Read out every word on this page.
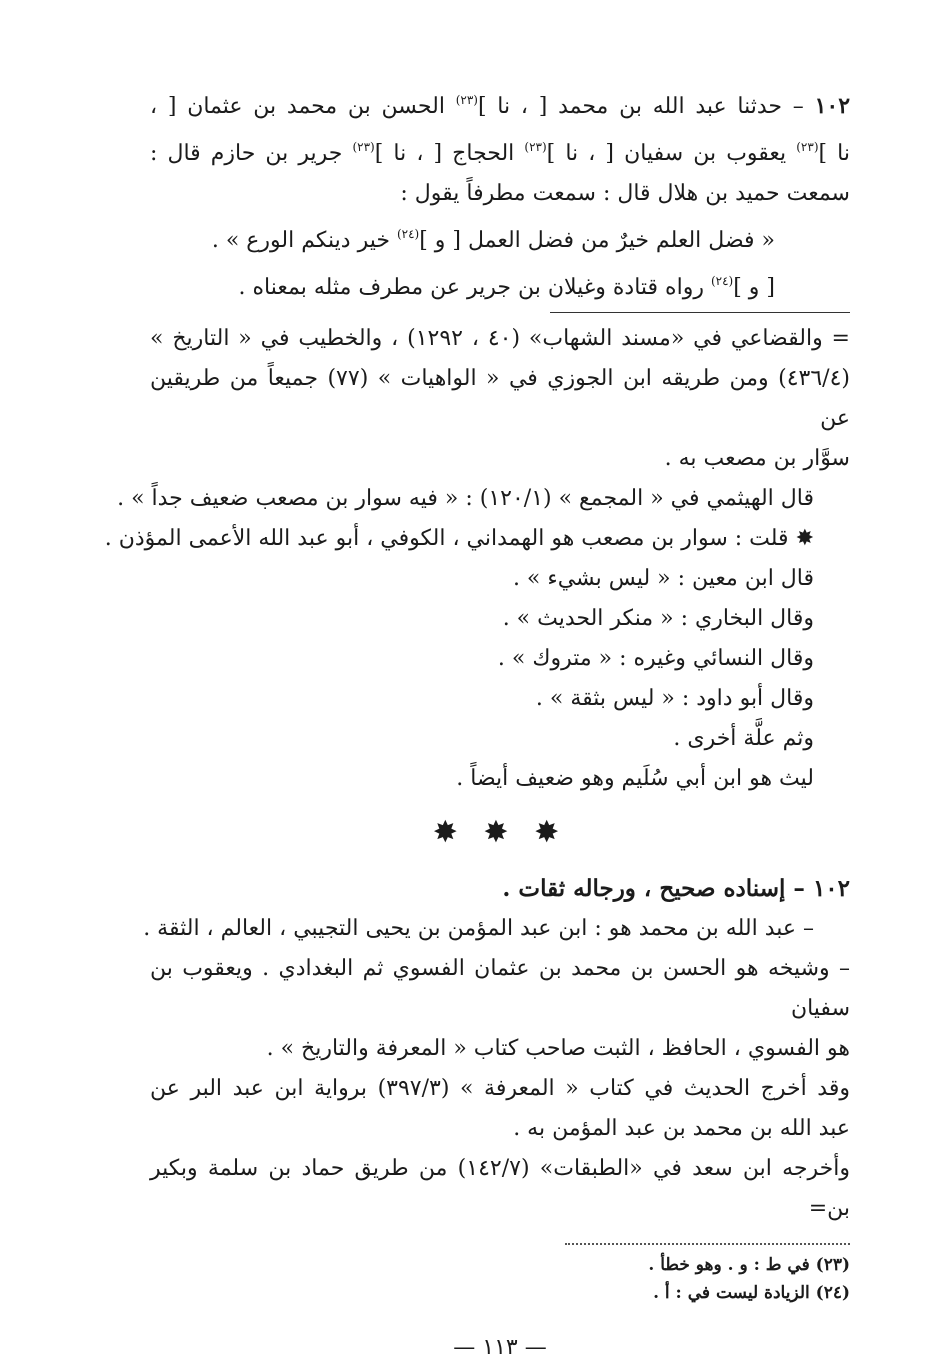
١٠٢ – حدثنا عبد الله بن محمد [ ، نا ]$^{(٢٣)}$ الحسن بن محمد بن عثمان [ ،
نا ]$^{(٢٣)}$ يعقوب بن سفيان [ ، نا ]$^{(٢٣)}$ الحجاج [ ، نا ]$^{(٢٣)}$ جرير بن حازم قال :
سمعت حميد بن هلال قال : سمعت مطرفاً يقول :
« فضل العلم خيرٌ من فضل العمل [ و ]$^{(٢٤)}$ خير دينكم الورع » .
[ و ]$^{(٢٤)}$ رواه قتادة وغيلان بن جرير عن مطرف مثله بمعناه .
= والقضاعي في «مسند الشهاب» (٤٠ ، ١٢٩٢) ، والخطيب في « التاريخ »
(٤٣٦/٤) ومن طريقه ابن الجوزي في « الواهيات » (٧٧) جميعاً من طريقين عن
سوَّار بن مصعب به .
قال الهيثمي في « المجمع » (١٢٠/١) : « فيه سوار بن مصعب ضعيف جداً » .
✸ قلت : سوار بن مصعب هو الهمداني ، الكوفي ، أبو عبد الله الأعمى المؤذن .
قال ابن معين : « ليس بشيء » .
وقال البخاري : « منكر الحديث » .
وقال النسائي وغيره : « متروك » .
وقال أبو داود : « ليس بثقة » .
وثم علَّة أخرى .
ليث هو ابن أبي سُلَيم وهو ضعيف أيضاً .
✸ ✸ ✸
١٠٢ – إسناده صحيح ، ورجاله ثقات .
– عبد الله بن محمد هو : ابن عبد المؤمن بن يحيى التجيبي ، العالم ، الثقة .
– وشيخه هو الحسن بن محمد بن عثمان الفسوي ثم البغدادي . ويعقوب بن سفيان
هو الفسوي ، الحافظ ، الثبت صاحب كتاب « المعرفة والتاريخ » .
وقد أخرج الحديث في كتاب « المعرفة » (٣٩٧/٣) برواية ابن عبد البر عن
عبد الله بن محمد بن عبد المؤمن به .
وأخرجه ابن سعد في «الطبقات» (١٤٢/٧) من طريق حماد بن سلمة وبكير بن=
(٢٣) في ط : و . وهو خطأ .
(٢٤) الزيادة ليست في : أ .
— ١١٣ —
